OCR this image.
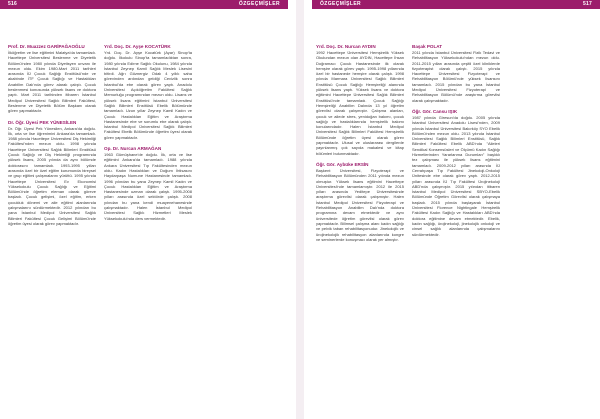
516	ÖZGEÇMİŞLER	ÖZGEÇMİŞLER	517

Prof. Dr. Muazzez GARİPAĞAOĞLU

İlköğretim ve lise eğitimini Malatya'da tamamladı. Hacettepe Üniversitesi Beslenme ve Diyetetik Bölümü'nden 1980 yılında Diyetisyen unvanı ile mezun oldu. Ekim 1980-Mart 2011 tarihleri arasında İÜ Çocuk Sağlığı Enstitüsü'nde ve akabinde İTF Çocuk Sağlığı ve Hastalıkları Anabilim Dalı'nda görev alarak çalıştı. Çocuk beslenmesi konusunda yüksek lisans ve doktora yaptı. Mart 2011 tarihinden itibaren İstanbul Medipol Üniversitesi Sağlık Bilimleri Fakültesi, Beslenme ve Diyetetik Bölüm Başkanı olarak görev yapmaktadır.

Dr. Öğr. Üyesi PEK YÜNESİLEN

Dr. Öğr. Üyesi Pek Yünesilen, Ankara'da doğdu. İlk, orta ve lise öğrenimini Ankara'da tamamladı. 1988 yılında Hacettepe Üniversitesi Diş Hekimliği Fakültesi'nden mezun oldu. 1998 yılında Hacettepe Üniversitesi Sağlık Bilimleri Enstitüsü Çocuk Sağlığı ve Diş Hekimliği programında yüksek lisans, 2005 yılında da aynı bölümde doktorasını tamamladı. 1993-1995 yılları arasında özel bir özel eğitim kurumunda bireysel ve grup eğitimi çalışmalarını yürüttü. 1995 yılında Hacettepe Üniversitesi Ev Ekonomisi Yüksekokulu Çocuk Sağlığı ve Eğitimi Bölümü'nde öğretim eleman olarak göreve başladı. Çocuk gelişimi, özel eğitim, erken çocukluk dönemi ve aile eğitimi alanlarında çalışmalarını sürdürmektedir. 2012 yılından bu yana İstanbul Medipol Üniversitesi Sağlık Bilimleri Fakültesi Çocuk Gelişimi Bölümü'nde öğretim üyesi olarak görev yapmaktadır.

Yrd. Doç. Dr. Ayşe KOCATÜRK

Yrd. Doç. Dr. Ayşe Kocatürk (Ayar) Sinop'ta doğdu. İlkokulu Sinop'ta tamamladıktan sonra, 1980 yılında Edirne Sağlık Okulunu, 1984 yılında İstanbul Zeynep Kamil Sağlık Meslek Lisesini bitirdi. Ağrı Göznergiz Odalı 4 yıllık saha görevinden ardından geldiği Cevizlik sonra İstanbul'da ebe olarak görev yaptı. Anadolu Üniversitesi Açıköğretim Fakültesi Sağlık Memurluğu programından mezun oldu. Lisans ve yüksek lisans eğitimini İstanbul Üniversitesi Sağlık Bilimleri Enstitüsü Ebelik Bölümünde tamamladı. Uzun yıllar Zeynep Kamil Kadın ve Çocuk Hastalıkları Eğitim ve Araştırma Hastanesinde ebe ve sorumlu ebe olarak çalıştı. İstanbul Medipol Üniversitesi Sağlık Bilimleri Fakültesi Ebelik Bölümünde öğretim üyesi olarak görev yapmaktadır.

Op. Dr. Nurcan ARMAĞAN

1963 Gümüşhane'de doğdu. İlk, orta ve lise eğitimini Ankara'da tamamladı. 1988 yılında Ankara Üniversitesi Tıp Fakültesinden mezun oldu. Kadın Hastalıkları ve Doğum İhtisasını Haydarpaşa Numune Hastanesinde tamamladı. 1996 yılından bu yana Zeynep Kamil Kadın ve Çocuk Hastalıkları Eğitim ve Araştırma Hastanesinde uzman olarak çalıştı. 1995-2008 yılları arasında özel sektörde çalıştı. 2008 yılından bu yana kendi muayenehanesinde çalışmaktadır. Halen İstanbul Medipol Üniversitesi Sağlık Hizmetleri Meslek Yüksekokulu'nda ders vermektedir.

Yrd. Doç. Dr. Nurcan AYDIN

1992 Hacettepe Üniversitesi Hemşirelik Yüksek Okulundan mezun olan AYDIN, Hacettepe İhsan Doğramacı Çocuk Hastanesinde ilk olarak hemşire olarak görev yaptı. 1995-1998 yıllarında özel bir hastanede hemşire olarak çalıştı. 1998 yılında Marmara Üniversitesi Sağlık Bilimleri Enstitüsü Çocuk Sağlığı Hemşireliği alanında yüksek lisans yaptı. Yüksek lisans ve doktora eğitimini Hacettepe Üniversitesi Sağlık Bilimleri Enstitüsü'nde tamamladı. Çocuk Sağlığı Hemşireliği Anabilim Dalında 13 yıl öğretim görevlisi olarak çalışmıştır. Çalışma alanları, çocuk ve ailede stres, yenidoğan bakımı, çocuk sağlığı ve hastalıklarında hemşirelik bakımı konularındadır. Halen İstanbul Medipol Üniversitesi Sağlık Bilimleri Fakültesi Hemşirelik Bölümünde öğretim üyesi olarak görev yapmaktadır. Ulusal ve uluslararası dergilerde yayınlanmış çok sayıda makalesi ve kitap bölümleri bulunmaktadır.

Öğr. Gör. Aybüke ERSİN

Başkent Üniversitesi, Fizyoterapi ve Rehabilitasyon Bölümünden 2011 yılında mezun olmuştur. Yüksek lisans eğitimini Hacettepe Üniversitesi'nde tamamlamıştır. 2012 ile 2015 yılları arasında Yeditepe Üniversitesinde araştırma görevlisi olarak çalışmıştır. Halen İstanbul Medipol Üniversitesi Fizyoterapi ve Rehabilitasyon Anabilim Dalı'nda doktora programına devam etmektedir ve aynı üniversitede öğretim görevlisi olarak görev yapmaktadır. Bilimsel çalışma alanı kadın sağlığı ve pelvik taban rehabilitasyonudur. Jinekolojik ve ürojinekolojik rehabilitasyon alanlarında kongre ve seminerlerde konuşmacı olarak yer almıştır.

Başak POLAT

2011 yılında İstanbul Üniversitesi Fizik Tedavi ve Rehabilitasyon Yüksekokulu'ndan mezun oldu. 2011-2015 yılları arasında çeşitli özel kliniklerde fizyoterapist olarak çalıştı. 2015 yılında Hacettepe Üniversitesi Fizyoterapi ve Rehabilitasyon Bölümü'nde yüksek lisansını tamamladı. 2015 yılından bu yana İstanbul Medipol Üniversitesi Fizyoterapi ve Rehabilitasyon Bölümü'nde araştırma görevlisi olarak çalışmaktadır.

Öğr. Gör. Cansu IŞIK

1987 yılında Giresun'da doğdu. 2005 yılında İstanbul Üniversitesi Anadolu Lisesi'nden, 2009 yılında İstanbul Üniversitesi Bakırköy SYO Ebelik Bölümü'nden mezun oldu. 2013 yılında İstanbul Üniversitesi Sağlık Bilimleri Enstitüsü, Sağlık Bilimleri Fakültesi Ebelik ABD'nda "Aileleri Sendikal Konsensüsleri ve Ölçümü Kadın Sağlığı Hizmetlerinden Yararlanma Durumları" başlıklı tez çalışması ile yüksek lisans eğitimini tamamladı. 2009-2012 yılları arasında İÜ Cerrahpaşa Tıp Fakültesi Jinekoloji-Onkoloji Ünitesinde ebe olarak görev yaptı. 2012-2015 yılları arasında İÜ Tıp Fakültesi Ürojinekoloji ABD'nda çalışmıştır. 2015 yılından itibaren İstanbul Medipol Üniversitesi SBYO-Ebelik Bölümünde Öğretim Görevlisi olarak çalışmaya başladı. 2015 yılında başlayarak İstanbul Üniversitesi Florence Nightingale Hemşirelik Fakültesi Kadın Sağlığı ve Hastalıkları ABD'nda doktora eğitimine devam etmektedir. Ebelik, kadın sağlığı, ürojinekoloji, jinekolojik onkoloji ve cinsel sağlık alanlarında çalışmalarını sürdürmektedir.
